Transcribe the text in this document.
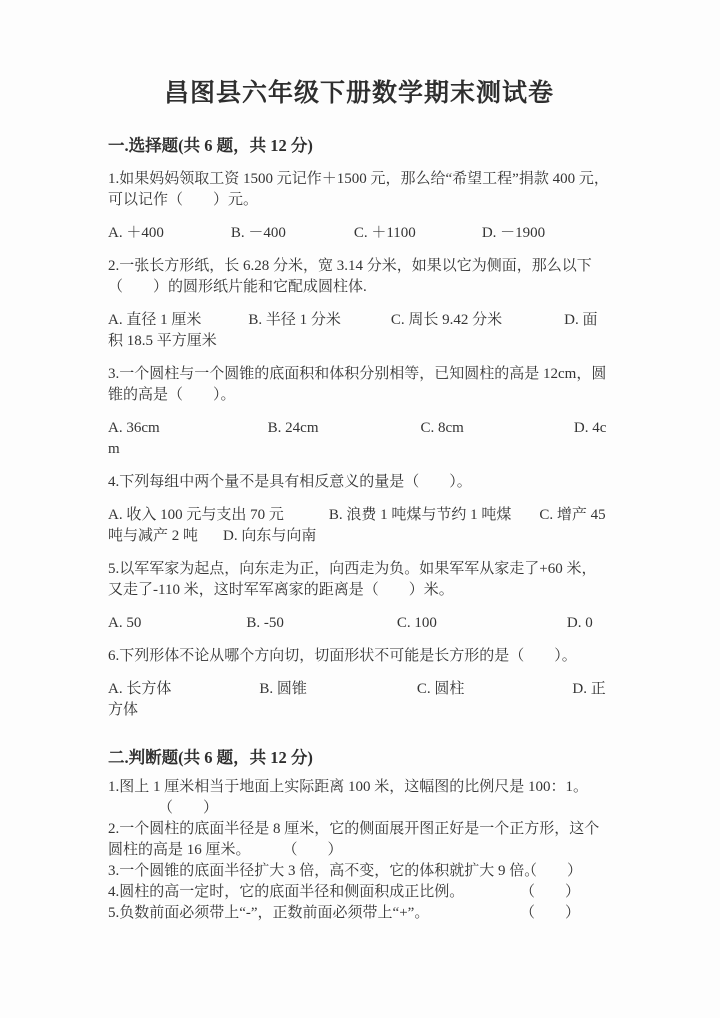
昌图县六年级下册数学期末测试卷
一.选择题(共 6 题，共 12 分)

1.如果妈妈领取工资 1500 元记作＋1500 元，那么给“希望工程”捐款 400 元，可以记作（　　）元。

A. ＋400	B. －400	C. ＋1100	D. －1900

2.一张长方形纸，长 6.28 分米，宽 3.14 分米，如果以它为侧面，那么以下（　　）的圆形纸片能和它配成圆柱体.

A. 直径 1 厘米	B. 半径 1 分米	C. 周长 9.42 分米	D. 面积 18.5 平方厘米

3.一个圆柱与一个圆锥的底面积和体积分别相等，已知圆柱的高是 12cm，圆锥的高是（　　）。

A. 36cm	B. 24cm	C. 8cm	D. 4cm

4.下列每组中两个量不是具有相反意义的量是（　　）。

A. 收入 100 元与支出 70 元	B. 浪费 1 吨煤与节约 1 吨煤 C. 增产 45 吨与减产 2 吨 D. 向东与向南

5.以军军家为起点，向东走为正，向西走为负。如果军军从家走了+60 米，又走了-110 米，这时军军离家的距离是（　　）米。

A. 50	B. -50	C. 100	D. 0

6.下列形体不论从哪个方向切，切面形状不可能是长方形的是（　　）。

A. 长方体	B. 圆锥	C. 圆柱	D. 正方体

二.判断题(共 6 题，共 12 分)

1.图上 1 厘米相当于地面上实际距离 100 米，这幅图的比例尺是 100：1。

（　　）

2.一个圆柱的底面半径是 8 厘米，它的侧面展开图正好是一个正方形，这个圆柱的高是 16 厘米。 （　　）

3.一个圆锥的底面半径扩大 3 倍，高不变，它的体积就扩大 9 倍。
（　　）

4.圆柱的高一定时，它的底面半径和侧面积成正比例。	（　　）

5.负数前面必须带上“-”，正数前面必须带上“+”。	（　　）
